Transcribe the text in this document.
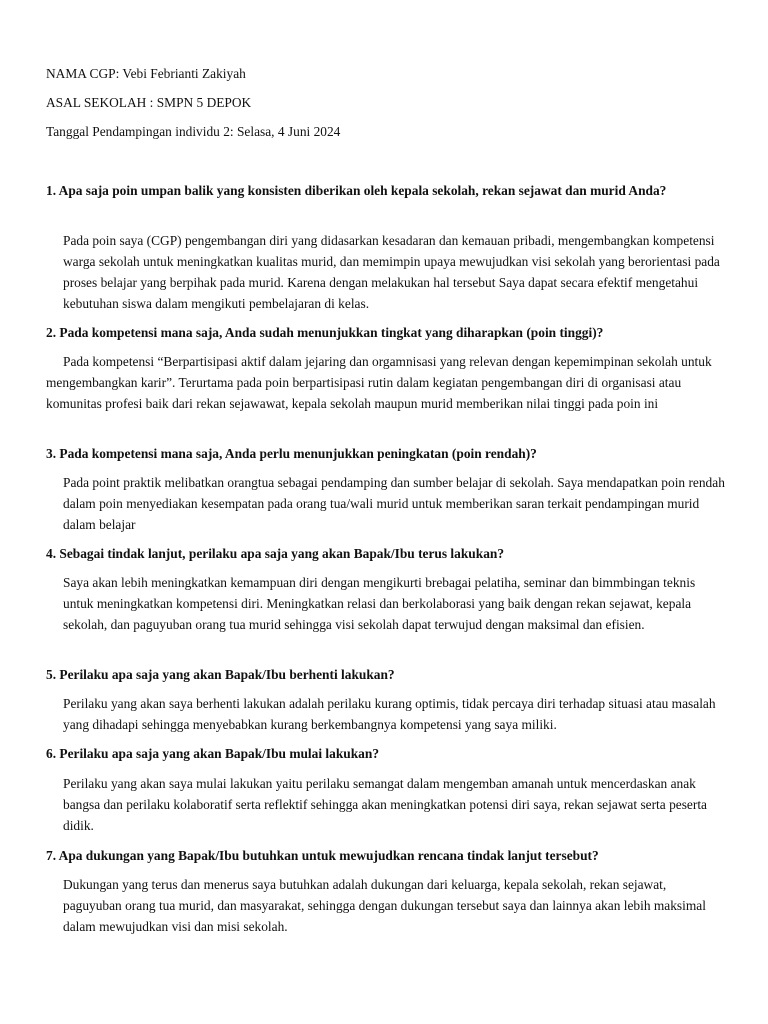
NAMA CGP: Vebi Febrianti Zakiyah
ASAL SEKOLAH : SMPN 5 DEPOK
Tanggal Pendampingan individu 2: Selasa, 4 Juni 2024
1. Apa saja poin umpan balik yang konsisten diberikan oleh kepala sekolah, rekan sejawat dan murid Anda?
Pada poin saya (CGP) pengembangan diri yang didasarkan kesadaran dan kemauan pribadi, mengembangkan kompetensi warga sekolah untuk meningkatkan kualitas murid, dan memimpin upaya mewujudkan visi sekolah yang berorientasi pada proses belajar yang berpihak pada murid. Karena dengan melakukan hal tersebut Saya dapat secara efektif mengetahui kebutuhan siswa dalam mengikuti pembelajaran di kelas.
2. Pada kompetensi mana saja, Anda sudah menunjukkan tingkat yang diharapkan (poin tinggi)?
Pada kompetensi “Berpartisipasi aktif dalam jejaring dan orgamnisasi yang relevan dengan kepemimpinan sekolah untuk mengembangkan karir”. Terurtama pada poin berpartisipasi rutin dalam kegiatan pengembangan diri di organisasi atau komunitas profesi baik dari rekan sejawawat, kepala sekolah maupun murid memberikan nilai tinggi pada poin ini
3. Pada kompetensi mana saja, Anda perlu menunjukkan peningkatan (poin rendah)?
Pada point praktik melibatkan orangtua sebagai pendamping dan sumber belajar di sekolah. Saya mendapatkan poin rendah dalam poin menyediakan kesempatan pada orang tua/wali murid untuk memberikan saran terkait pendampingan murid dalam belajar
4. Sebagai tindak lanjut, perilaku apa saja yang akan Bapak/Ibu terus lakukan?
Saya akan lebih meningkatkan kemampuan diri dengan mengikurti brebagai pelatiha, seminar dan bimmbingan teknis untuk meningkatkan kompetensi diri. Meningkatkan relasi dan berkolaborasi yang baik dengan rekan sejawat, kepala sekolah, dan paguyuban orang tua murid sehingga visi sekolah dapat terwujud dengan maksimal dan efisien.
5. Perilaku apa saja yang akan Bapak/Ibu berhenti lakukan?
Perilaku yang akan saya berhenti lakukan adalah perilaku kurang optimis, tidak percaya diri terhadap situasi atau masalah yang dihadapi sehingga menyebabkan kurang berkembangnya kompetensi yang saya miliki.
6. Perilaku apa saja yang akan Bapak/Ibu mulai lakukan?
Perilaku yang akan saya mulai lakukan yaitu perilaku semangat dalam mengemban amanah untuk mencerdaskan anak bangsa dan perilaku kolaboratif serta reflektif sehingga akan meningkatkan potensi diri saya, rekan sejawat serta peserta didik.
7. Apa dukungan yang Bapak/Ibu butuhkan untuk mewujudkan rencana tindak lanjut tersebut?
Dukungan yang terus dan menerus saya butuhkan adalah dukungan dari keluarga, kepala sekolah, rekan sejawat, paguyuban orang tua murid, dan masyarakat, sehingga dengan dukungan tersebut saya dan lainnya akan lebih maksimal dalam mewujudkan visi dan misi sekolah.
